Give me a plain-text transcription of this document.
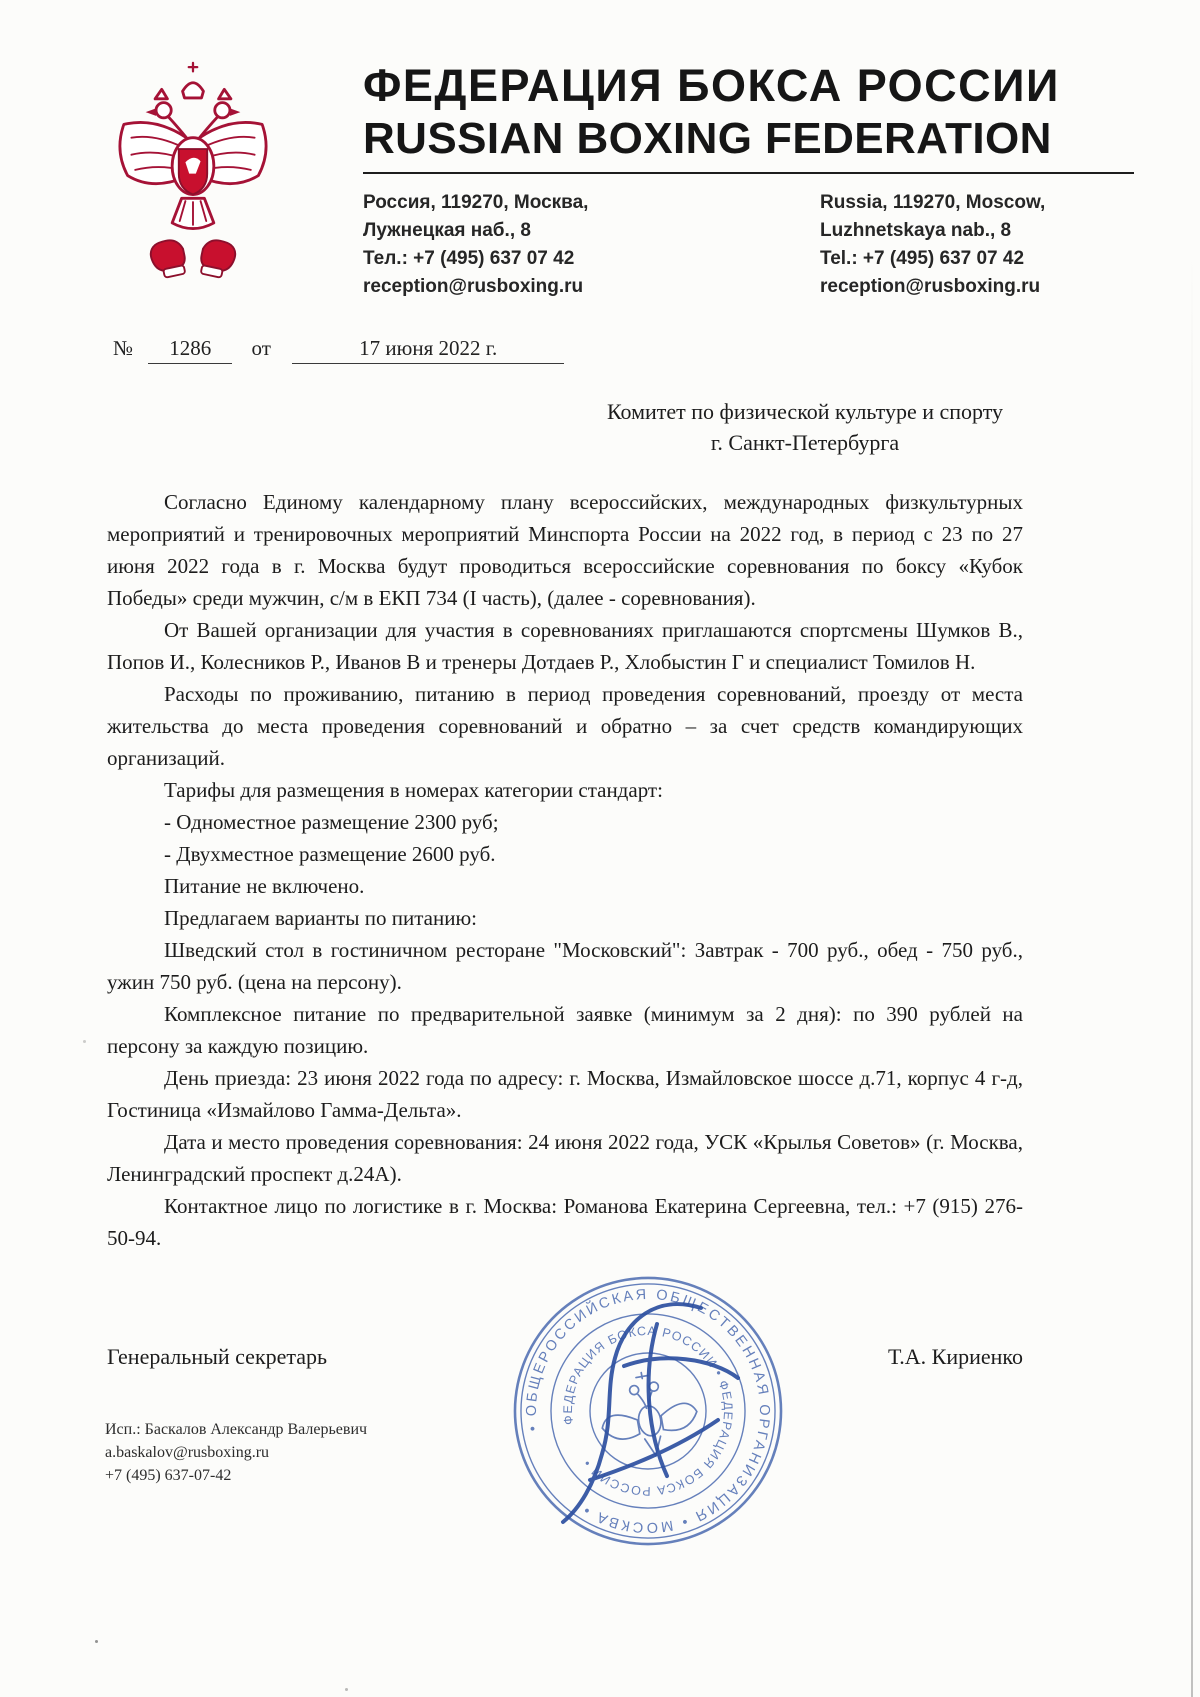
ФЕДЕРАЦИЯ БОКСА РОССИИ
RUSSIAN BOXING FEDERATION
Россия, 119270, Москва,
Лужнецкая наб., 8
Тел.: +7 (495) 637 07 42
reception@rusboxing.ru
Russia, 119270, Moscow,
Luzhnetskaya nab., 8
Tel.: +7 (495) 637 07 42
reception@rusboxing.ru
№ 1286 от	17 июня 2022 г.
Комитет по физической культуре и спорту
г. Санкт-Петербурга

Согласно Единому календарному плану всероссийских, международных физкультурных мероприятий и тренировочных мероприятий Минспорта России на 2022 год, в период с 23 по 27 июня 2022 года в г. Москва будут проводиться всероссийские соревнования по боксу «Кубок Победы» среди мужчин, с/м в ЕКП 734 (I часть), (далее - соревнования).

От Вашей организации для участия в соревнованиях приглашаются спортсмены Шумков В., Попов И., Колесников Р., Иванов В и тренеры Дотдаев Р., Хлобыстин Г и специалист Томилов Н.

Расходы по проживанию, питанию в период проведения соревнований, проезду от места жительства до места проведения соревнований и обратно – за счет средств командирующих организаций.

Тарифы для размещения в номерах категории стандарт:

- Одноместное размещение 2300 руб;

- Двухместное размещение 2600 руб.

Питание не включено.

Предлагаем варианты по питанию:

Шведский стол в гостиничном ресторане "Московский": Завтрак - 700 руб., обед - 750 руб., ужин 750 руб. (цена на персону).

Комплексное питание по предварительной заявке (минимум за 2 дня): по 390 рублей на персону за каждую позицию.

День приезда: 23 июня 2022 года по адресу: г. Москва, Измайловское шоссе д.71, корпус 4 г-д, Гостиница «Измайлово Гамма-Дельта».

Дата и место проведения соревнования: 24 июня 2022 года, УСК «Крылья Советов» (г. Москва, Ленинградский проспект д.24А).

Контактное лицо по логистике в г. Москва: Романова Екатерина Сергеевна, тел.: +7 (915) 276-50-94.

Генеральный секретарь	Т.А. Кириенко
• ОБЩЕРОССИЙСКАЯ ОБЩЕСТВЕННАЯ ОРГАНИЗАЦИЯ • МОСКВА •
ФЕДЕРАЦИЯ БОКСА РОССИИ • ФЕДЕРАЦИЯ БОКСА РОССИИ •
Исп.: Баскалов Александр Валерьевич
a.baskalov@rusboxing.ru
+7 (495) 637-07-42
